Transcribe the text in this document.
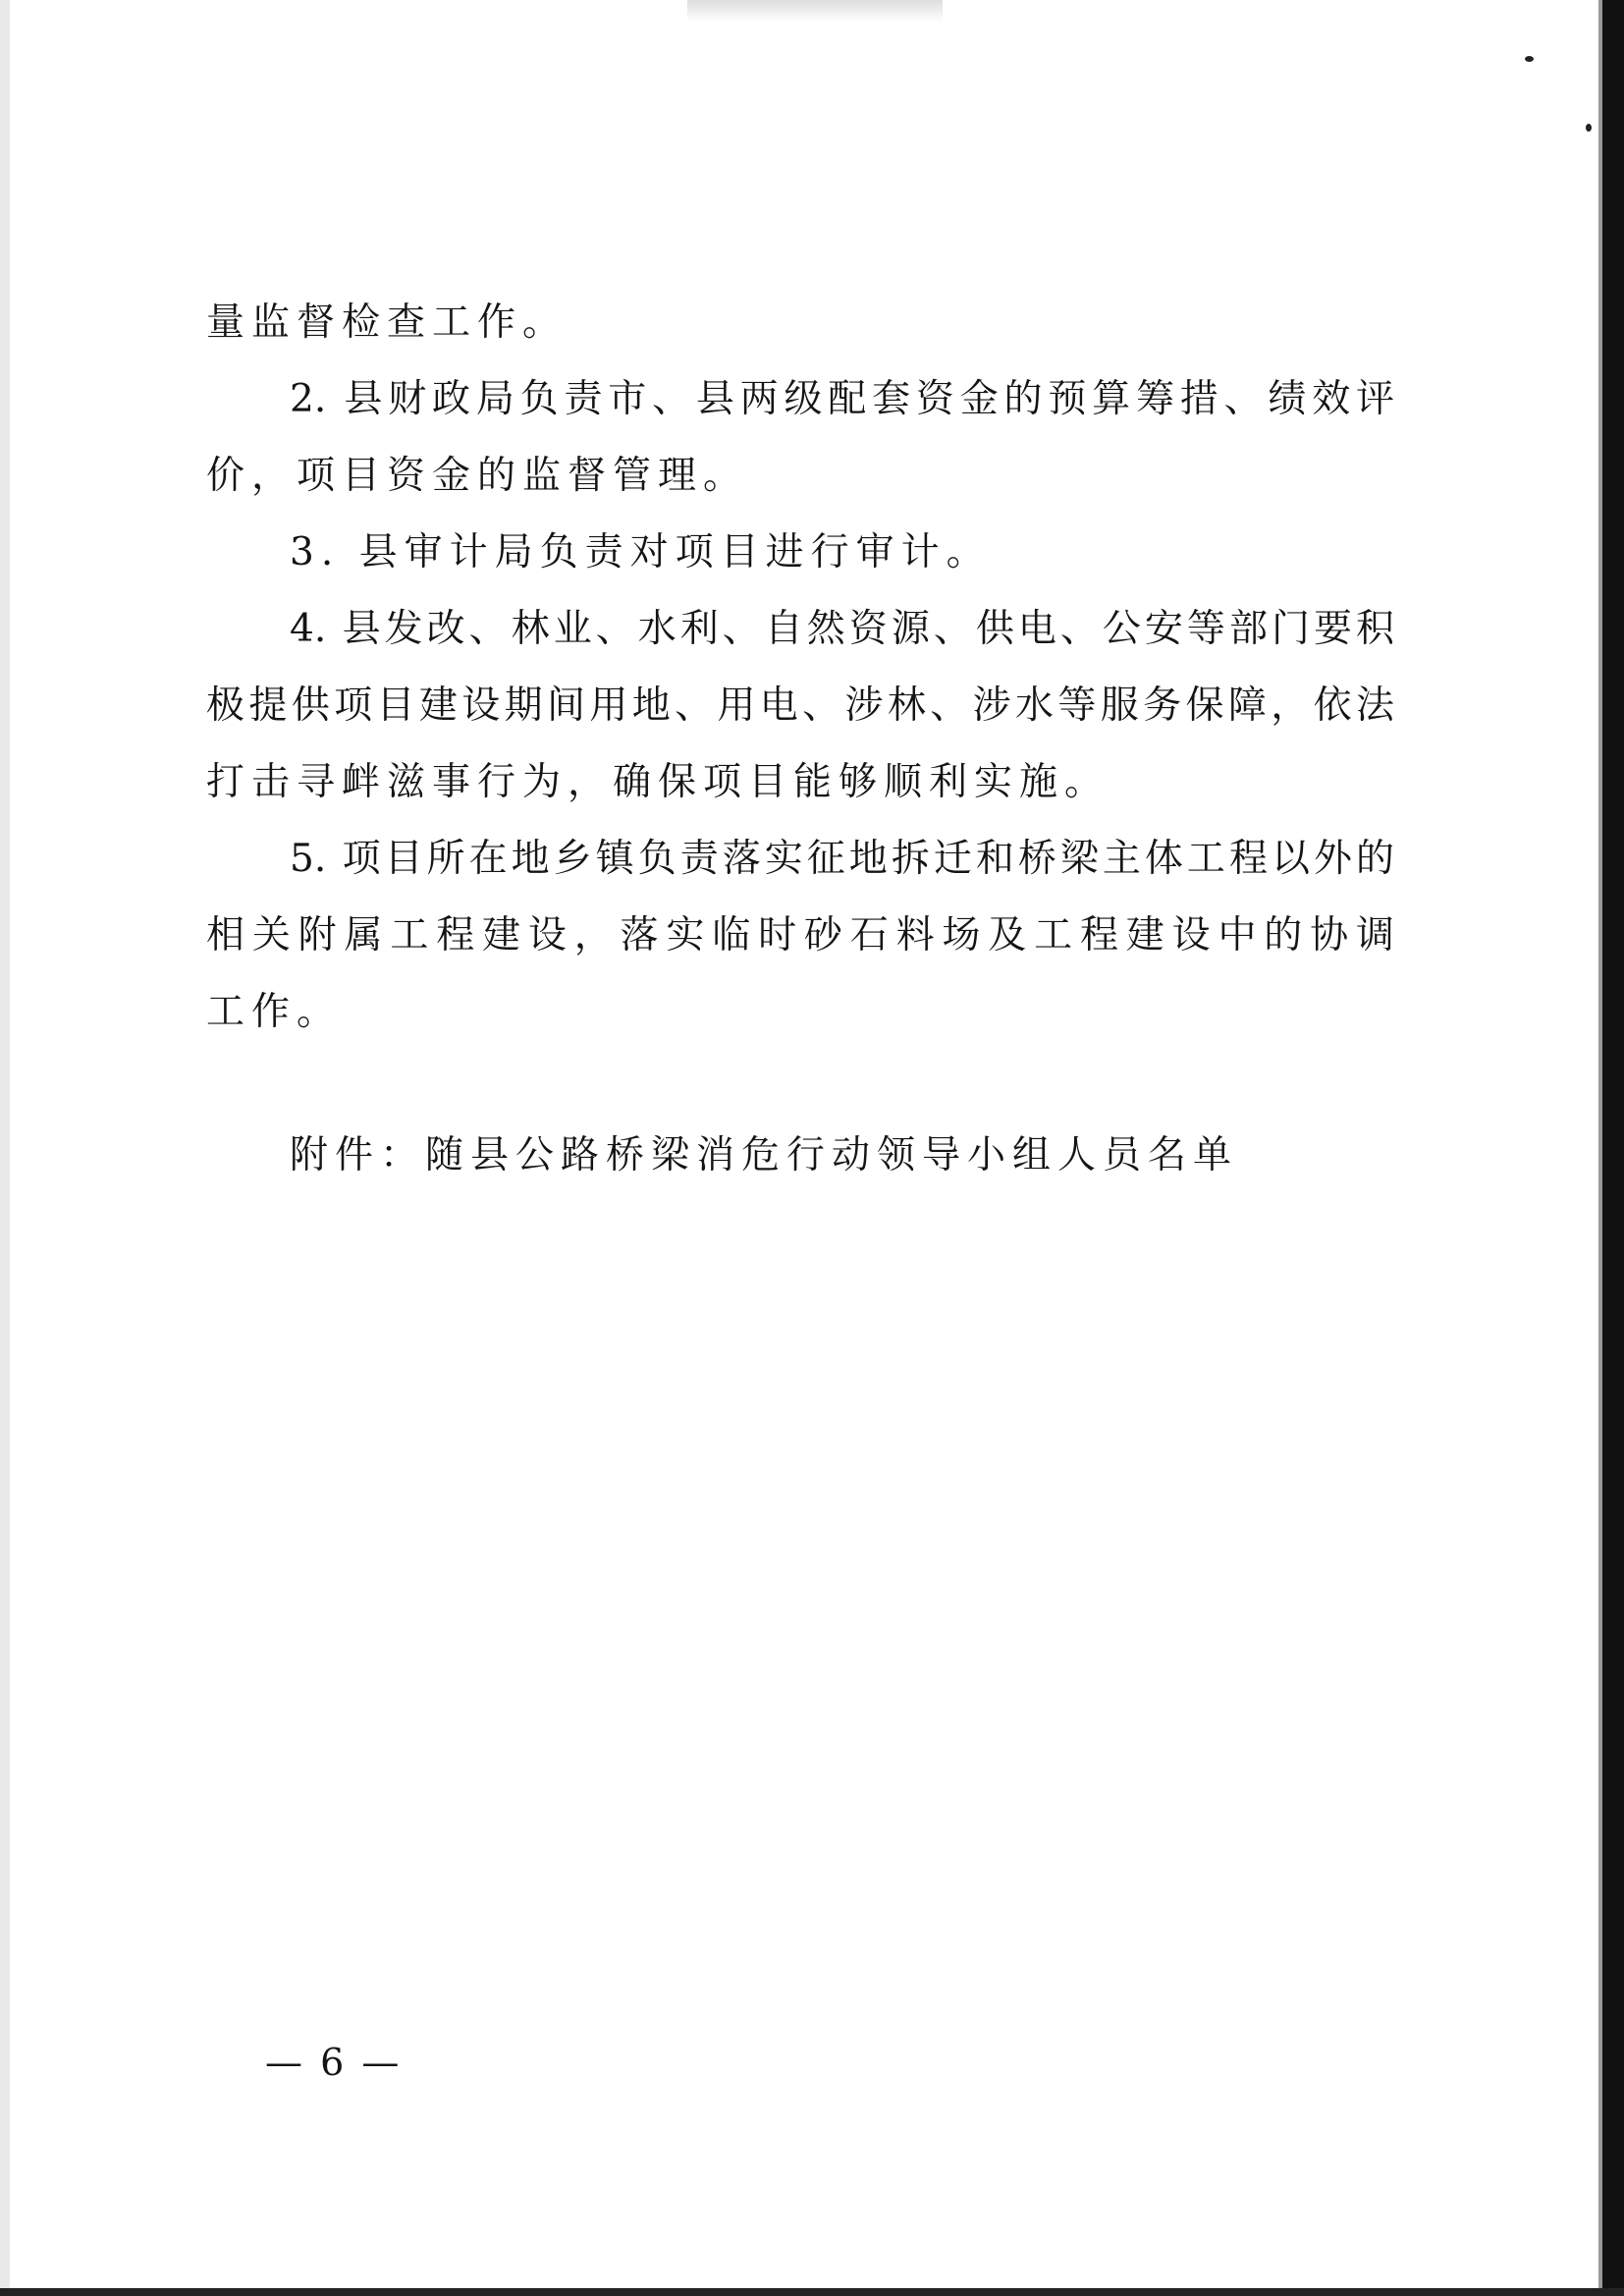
量监督检查工作。
2. 县财政局负责市、县两级配套资金的预算筹措、绩效评
价，项目资金的监督管理。
3. 县审计局负责对项目进行审计。
4. 县发改、林业、水利、自然资源、供电、公安等部门要积
极提供项目建设期间用地、用电、涉林、涉水等服务保障，依法
打击寻衅滋事行为，确保项目能够顺利实施。
5. 项目所在地乡镇负责落实征地拆迁和桥梁主体工程以外的
相关附属工程建设，落实临时砂石料场及工程建设中的协调
工作。
附件：随县公路桥梁消危行动领导小组人员名单
— 6 —
